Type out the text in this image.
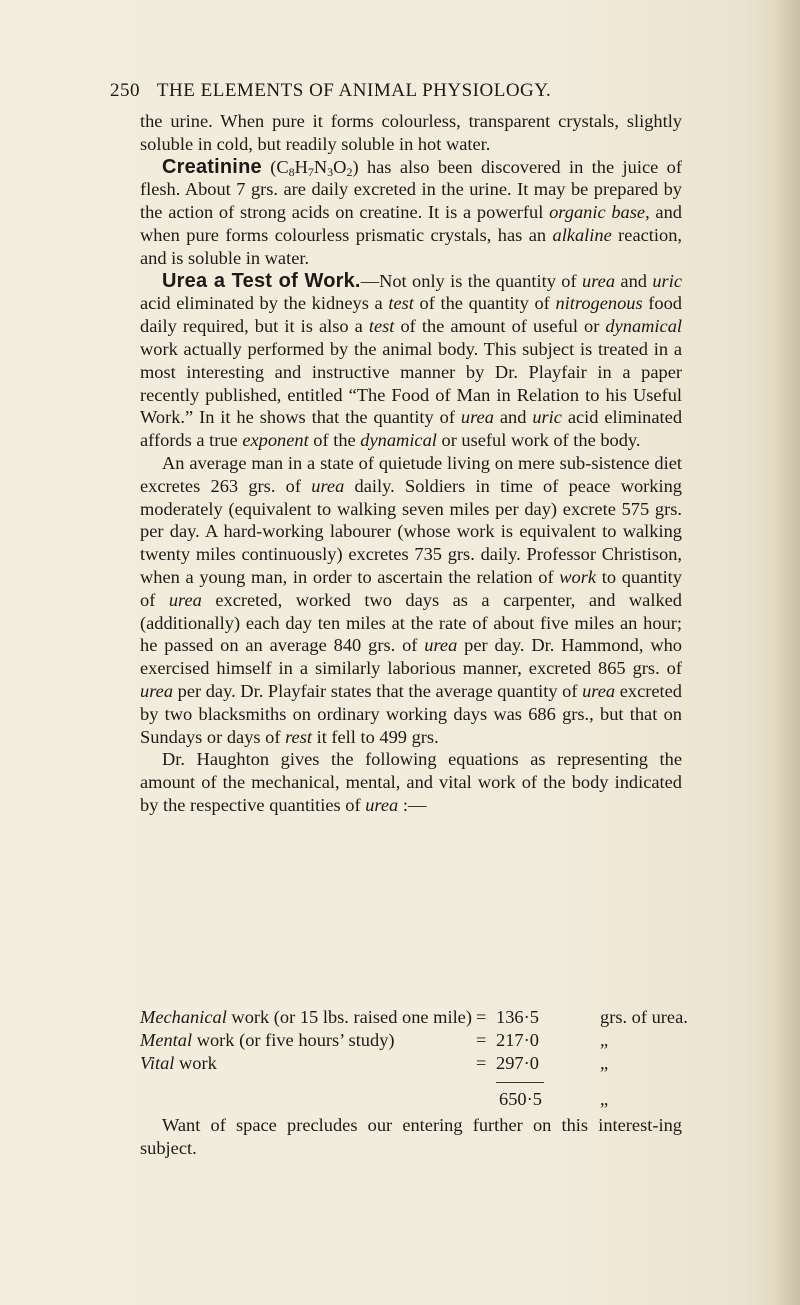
250 THE ELEMENTS OF ANIMAL PHYSIOLOGY.

the urine. When pure it forms colourless, transparent crystals, slightly soluble in cold, but readily soluble in hot water.

Creatinine $(C_8H_7N_3O_2)$ has also been discovered in the juice of flesh. About 7 grs. are daily excreted in the urine. It may be prepared by the action of strong acids on creatine. It is a powerful organic base, and when pure forms colourless prismatic crystals, has an alkaline reaction, and is soluble in water.

Urea a Test of Work.—Not only is the quantity of urea and uric acid eliminated by the kidneys a test of the quantity of nitrogenous food daily required, but it is also a test of the amount of useful or dynamical work actually performed by the animal body. This subject is treated in a most interesting and instructive manner by Dr. Playfair in a paper recently published, entitled “The Food of Man in Relation to his Useful Work.” In it he shows that the quantity of urea and uric acid eliminated affords a true exponent of the dynamical or useful work of the body.

An average man in a state of quietude living on mere sub-sistence diet excretes 263 grs. of urea daily. Soldiers in time of peace working moderately (equivalent to walking seven miles per day) excrete 575 grs. per day. A hard-working labourer (whose work is equivalent to walking twenty miles continuously) excretes 735 grs. daily. Professor Christison, when a young man, in order to ascertain the relation of work to quantity of urea excreted, worked two days as a carpenter, and walked (additionally) each day ten miles at the rate of about five miles an hour; he passed on an average 840 grs. of urea per day. Dr. Hammond, who exercised himself in a similarly laborious manner, excreted 865 grs. of urea per day. Dr. Playfair states that the average quantity of urea excreted by two blacksmiths on ordinary working days was 686 grs., but that on Sundays or days of rest it fell to 499 grs.

Dr. Haughton gives the following equations as representing the amount of the mechanical, mental, and vital work of the body indicated by the respective quantities of urea :—

Mechanical work (or 15 lbs. raised one mile) = 136·5	grs. of urea.
Mental work (or five hours’ study)	= 217·0	„
Vital work	= 297·0	„
650·5	„

Want of space precludes our entering further on this interest-ing subject.
